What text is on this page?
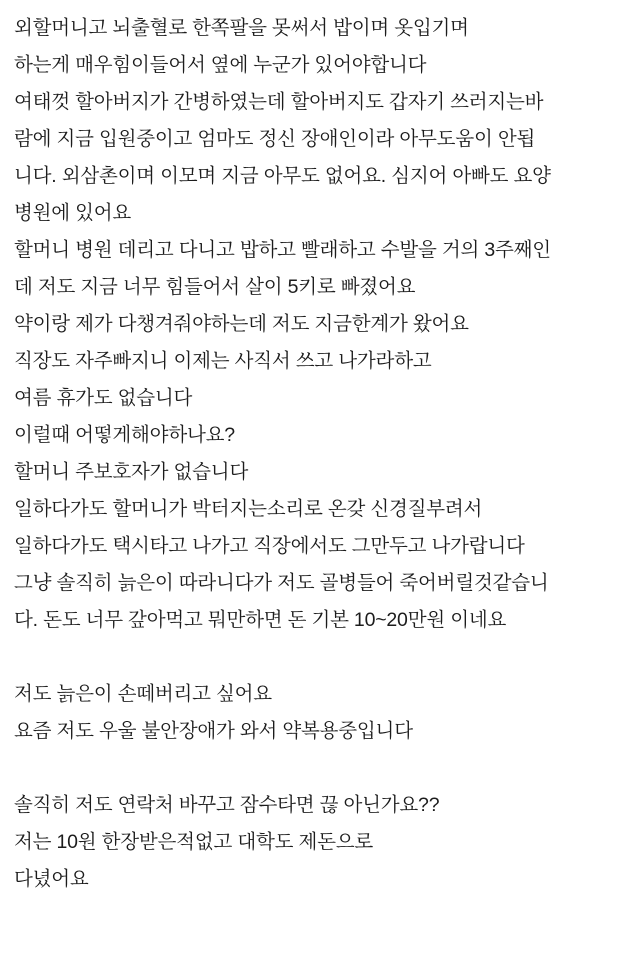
외할머니고 뇌출혈로 한쪽팔을 못써서 밥이며 옷입기며

하는게 매우힘이들어서 옆에 누군가 있어야합니다

여태껏 할아버지가 간병하였는데 할아버지도 갑자기 쓰러지는바

람에 지금 입원중이고 엄마도 정신 장애인이라 아무도움이 안됩

니다. 외삼촌이며 이모며 지금 아무도 없어요. 심지어 아빠도 요양

병원에 있어요

할머니 병원 데리고 다니고 밥하고 빨래하고 수발을 거의 3주째인

데 저도 지금 너무 힘들어서 살이 5키로 빠졌어요

약이랑 제가 다챙겨줘야하는데 저도 지금한계가 왔어요

직장도 자주빠지니 이제는 사직서 쓰고 나가라하고

여름 휴가도 없습니다

이럴때 어떻게해야하나요?

할머니 주보호자가 없습니다

일하다가도 할머니가 박터지는소리로 온갖 신경질부려서

일하다가도 택시타고 나가고 직장에서도 그만두고 나가랍니다

그냥 솔직히 늙은이 따라니다가 저도 골병들어 죽어버릴것같습니

다. 돈도 너무 갚아먹고 뭐만하면 돈 기본 10~20만원 이네요

저도 늙은이 손떼버리고 싶어요

요즘 저도 우울 불안장애가 와서 약복용중입니다

솔직히 저도 연락처 바꾸고 잠수타면 끊 아닌가요??

저는 10원 한장받은적없고 대학도 제돈으로

다녔어요
